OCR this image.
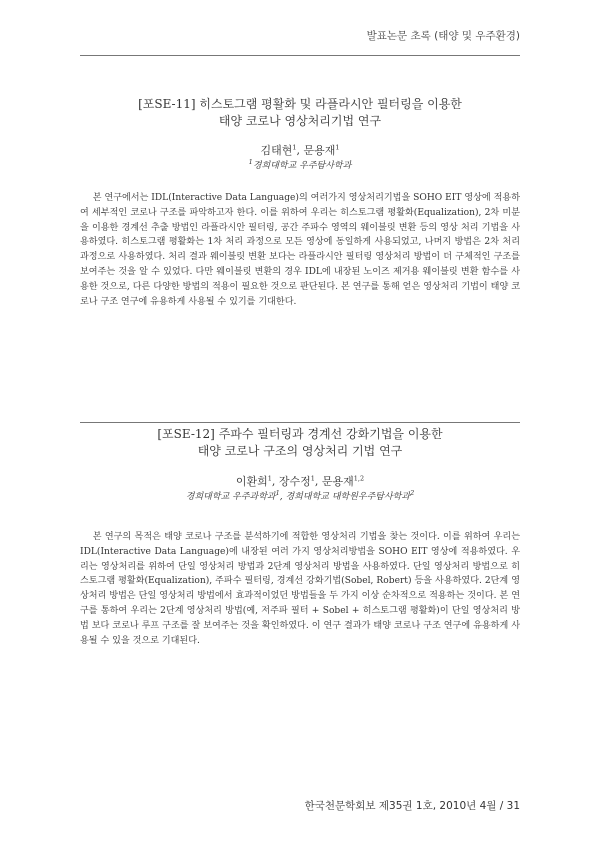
발표논문 초록 (태양 및 우주환경)
[포SE-11] 히스토그램 평활화 및 라플라시안 필터링을 이용한
태양 코로나 영상처리기법 연구
김태현$^1$, 문용재$^1$
$^1$경희대학교 우주탐사학과

본 연구에서는 IDL(Interactive Data Language)의 여러가지 영상처리기법을 SOHO EIT 영상에 적용하여 세부적인 코로나 구조를 파악하고자 한다. 이를 위하여 우리는 히스토그램 평활화(Equalization), 2차 미분을 이용한 경계선 추출 방법인 라플라시안 필터링, 공간 주파수 영역의 웨이블릿 변환 등의 영상 처리 기법을 사용하였다. 히스토그램 평활화는 1차 처리 과정으로 모든 영상에 동일하게 사용되었고, 나머지 방법은 2차 처리과정으로 사용하였다. 처리 결과 웨이블릿 변환 보다는 라플라시안 필터링 영상처리 방법이 더 구체적인 구조를 보여주는 것을 알 수 있었다. 다만 웨이블릿 변환의 경우 IDL에 내장된 노이즈 제거용 웨이블릿 변환 함수를 사용한 것으로, 다른 다양한 방법의 적용이 필요한 것으로 판단된다. 본 연구를 통해 얻은 영상처리 기법이 태양 코로나 구조 연구에 유용하게 사용될 수 있기를 기대한다.

[포SE-12] 주파수 필터링과 경계선 강화기법을 이용한
태양 코로나 구조의 영상처리 기법 연구
이환희$^1$, 장수정$^1$, 문용재$^{1,2}$
경희대학교 우주과학과$^1$, 경희대학교 대학원우주탐사학과$^2$

본 연구의 목적은 태양 코로나 구조를 분석하기에 적합한 영상처리 기법을 찾는 것이다. 이를 위하여 우리는 IDL(Interactive Data Language)에 내장된 여러 가지 영상처리방법을 SOHO EIT 영상에 적용하였다. 우리는 영상처리를 위하여 단일 영상처리 방법과 2단계 영상처리 방법을 사용하였다. 단일 영상처리 방법으로 히스토그램 평활화(Equalization), 주파수 필터링, 경계선 강화기법(Sobel, Robert) 등을 사용하였다. 2단계 영상처리 방법은 단일 영상처리 방법에서 효과적이었던 방법들을 두 가지 이상 순차적으로 적용하는 것이다. 본 연구를 통하여 우리는 2단계 영상처리 방법(예, 저주파 필터 + Sobel + 히스토그램 평활화)이 단일 영상처리 방법 보다 코로나 루프 구조를 잘 보여주는 것을 확인하였다. 이 연구 결과가 태양 코로나 구조 연구에 유용하게 사용될 수 있을 것으로 기대된다.

한국천문학회보 제35권 1호, 2010년 4월 / 31
